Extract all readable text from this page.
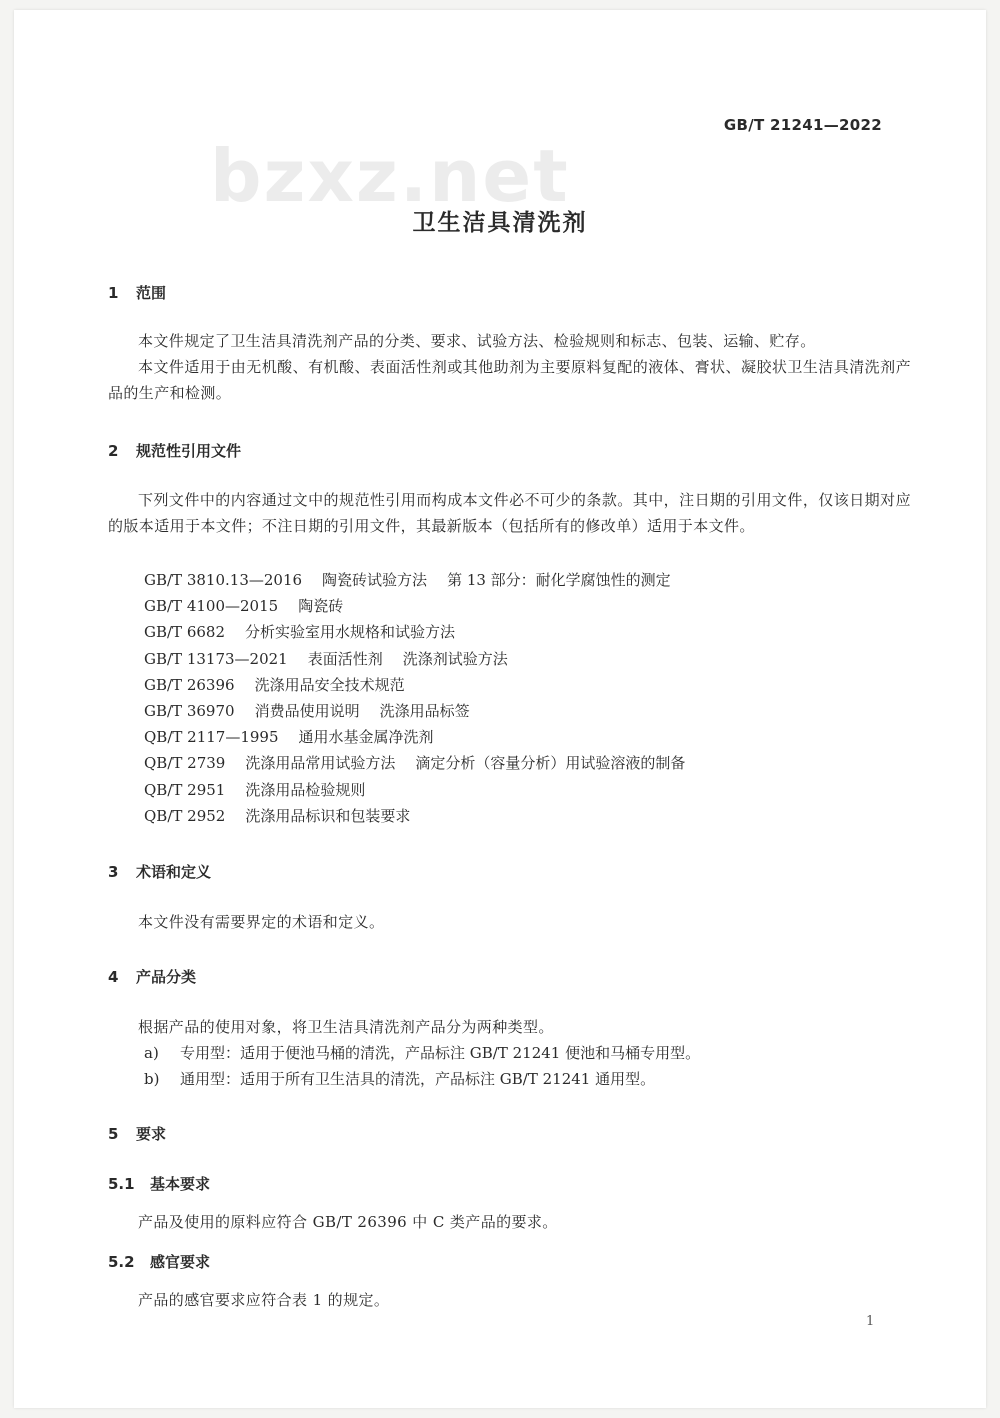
GB/T 21241—2022
bzxz.net
卫生洁具清洗剂
1 范围
本文件规定了卫生洁具清洗剂产品的分类、要求、试验方法、检验规则和标志、包装、运输、贮存。
本文件适用于由无机酸、有机酸、表面活性剂或其他助剂为主要原料复配的液体、膏状、凝胶状卫生洁具清洗剂产品的生产和检测。
2 规范性引用文件
下列文件中的内容通过文中的规范性引用而构成本文件必不可少的条款。其中，注日期的引用文件，仅该日期对应的版本适用于本文件；不注日期的引用文件，其最新版本（包括所有的修改单）适用于本文件。
GB/T 3810.13—2016 陶瓷砖试验方法 第 13 部分：耐化学腐蚀性的测定
GB/T 4100—2015 陶瓷砖
GB/T 6682 分析实验室用水规格和试验方法
GB/T 13173—2021 表面活性剂 洗涤剂试验方法
GB/T 26396 洗涤用品安全技术规范
GB/T 36970 消费品使用说明 洗涤用品标签
QB/T 2117—1995 通用水基金属净洗剂
QB/T 2739 洗涤用品常用试验方法 滴定分析（容量分析）用试验溶液的制备
QB/T 2951 洗涤用品检验规则
QB/T 2952 洗涤用品标识和包装要求
3 术语和定义
本文件没有需要界定的术语和定义。
4 产品分类
根据产品的使用对象，将卫生洁具清洗剂产品分为两种类型。
a) 专用型：适用于便池马桶的清洗，产品标注 GB/T 21241 便池和马桶专用型。
b) 通用型：适用于所有卫生洁具的清洗，产品标注 GB/T 21241 通用型。
5 要求
5.1 基本要求
产品及使用的原料应符合 GB/T 26396 中 C 类产品的要求。
5.2 感官要求
产品的感官要求应符合表 1 的规定。
1
